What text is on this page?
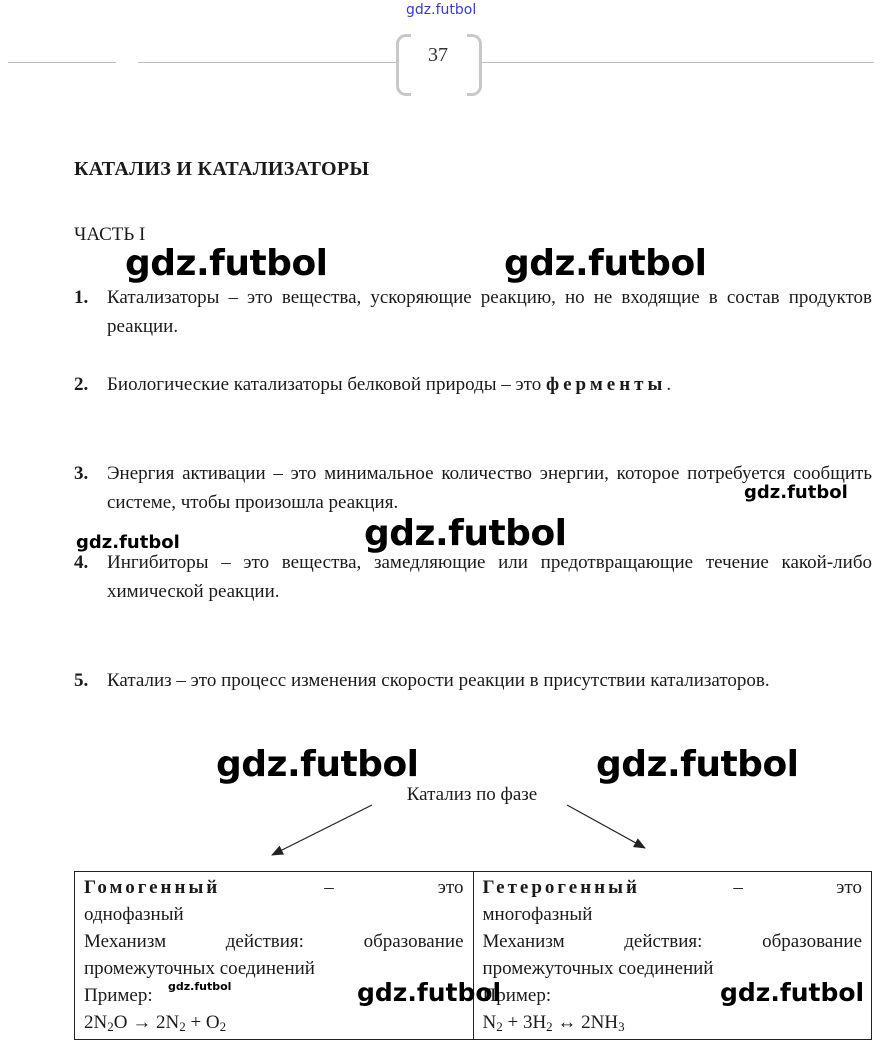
gdz.futbol
37
КАТАЛИЗ И КАТАЛИЗАТОРЫ
ЧАСТЬ I
1. Катализаторы – это вещества, ускоряющие реакцию, но не входящие в состав продуктов реакции.
2. Биологические катализаторы белковой природы – это ферменты.
3. Энергия активации – это минимальное количество энергии, которое потребуется сообщить системе, чтобы произошла реакция.
4. Ингибиторы – это вещества, замедляющие или предотвращающие течение какой-либо химической реакции.
5. Катализ – это процесс изменения скорости реакции в присутствии катализаторов.
Катализ по фазе
Гомогенный	–	это
однофазный
Механизм действия: образование
промежуточных соединений
Пример:
$2N_2O \to 2N_2 + O_2$

Гетерогенный	–	это
многофазный
Механизм действия: образование
промежуточных соединений
Пример:
$N_2 + 3H_2$ ↔ $2NH_3$
gdz.futbol	gdz.futbol
gdz.futbol
gdz.futbol	gdz.futbol
gdz.futbol	gdz.futbol
gdz.futbol	gdz.futbol	gdz.futbol
